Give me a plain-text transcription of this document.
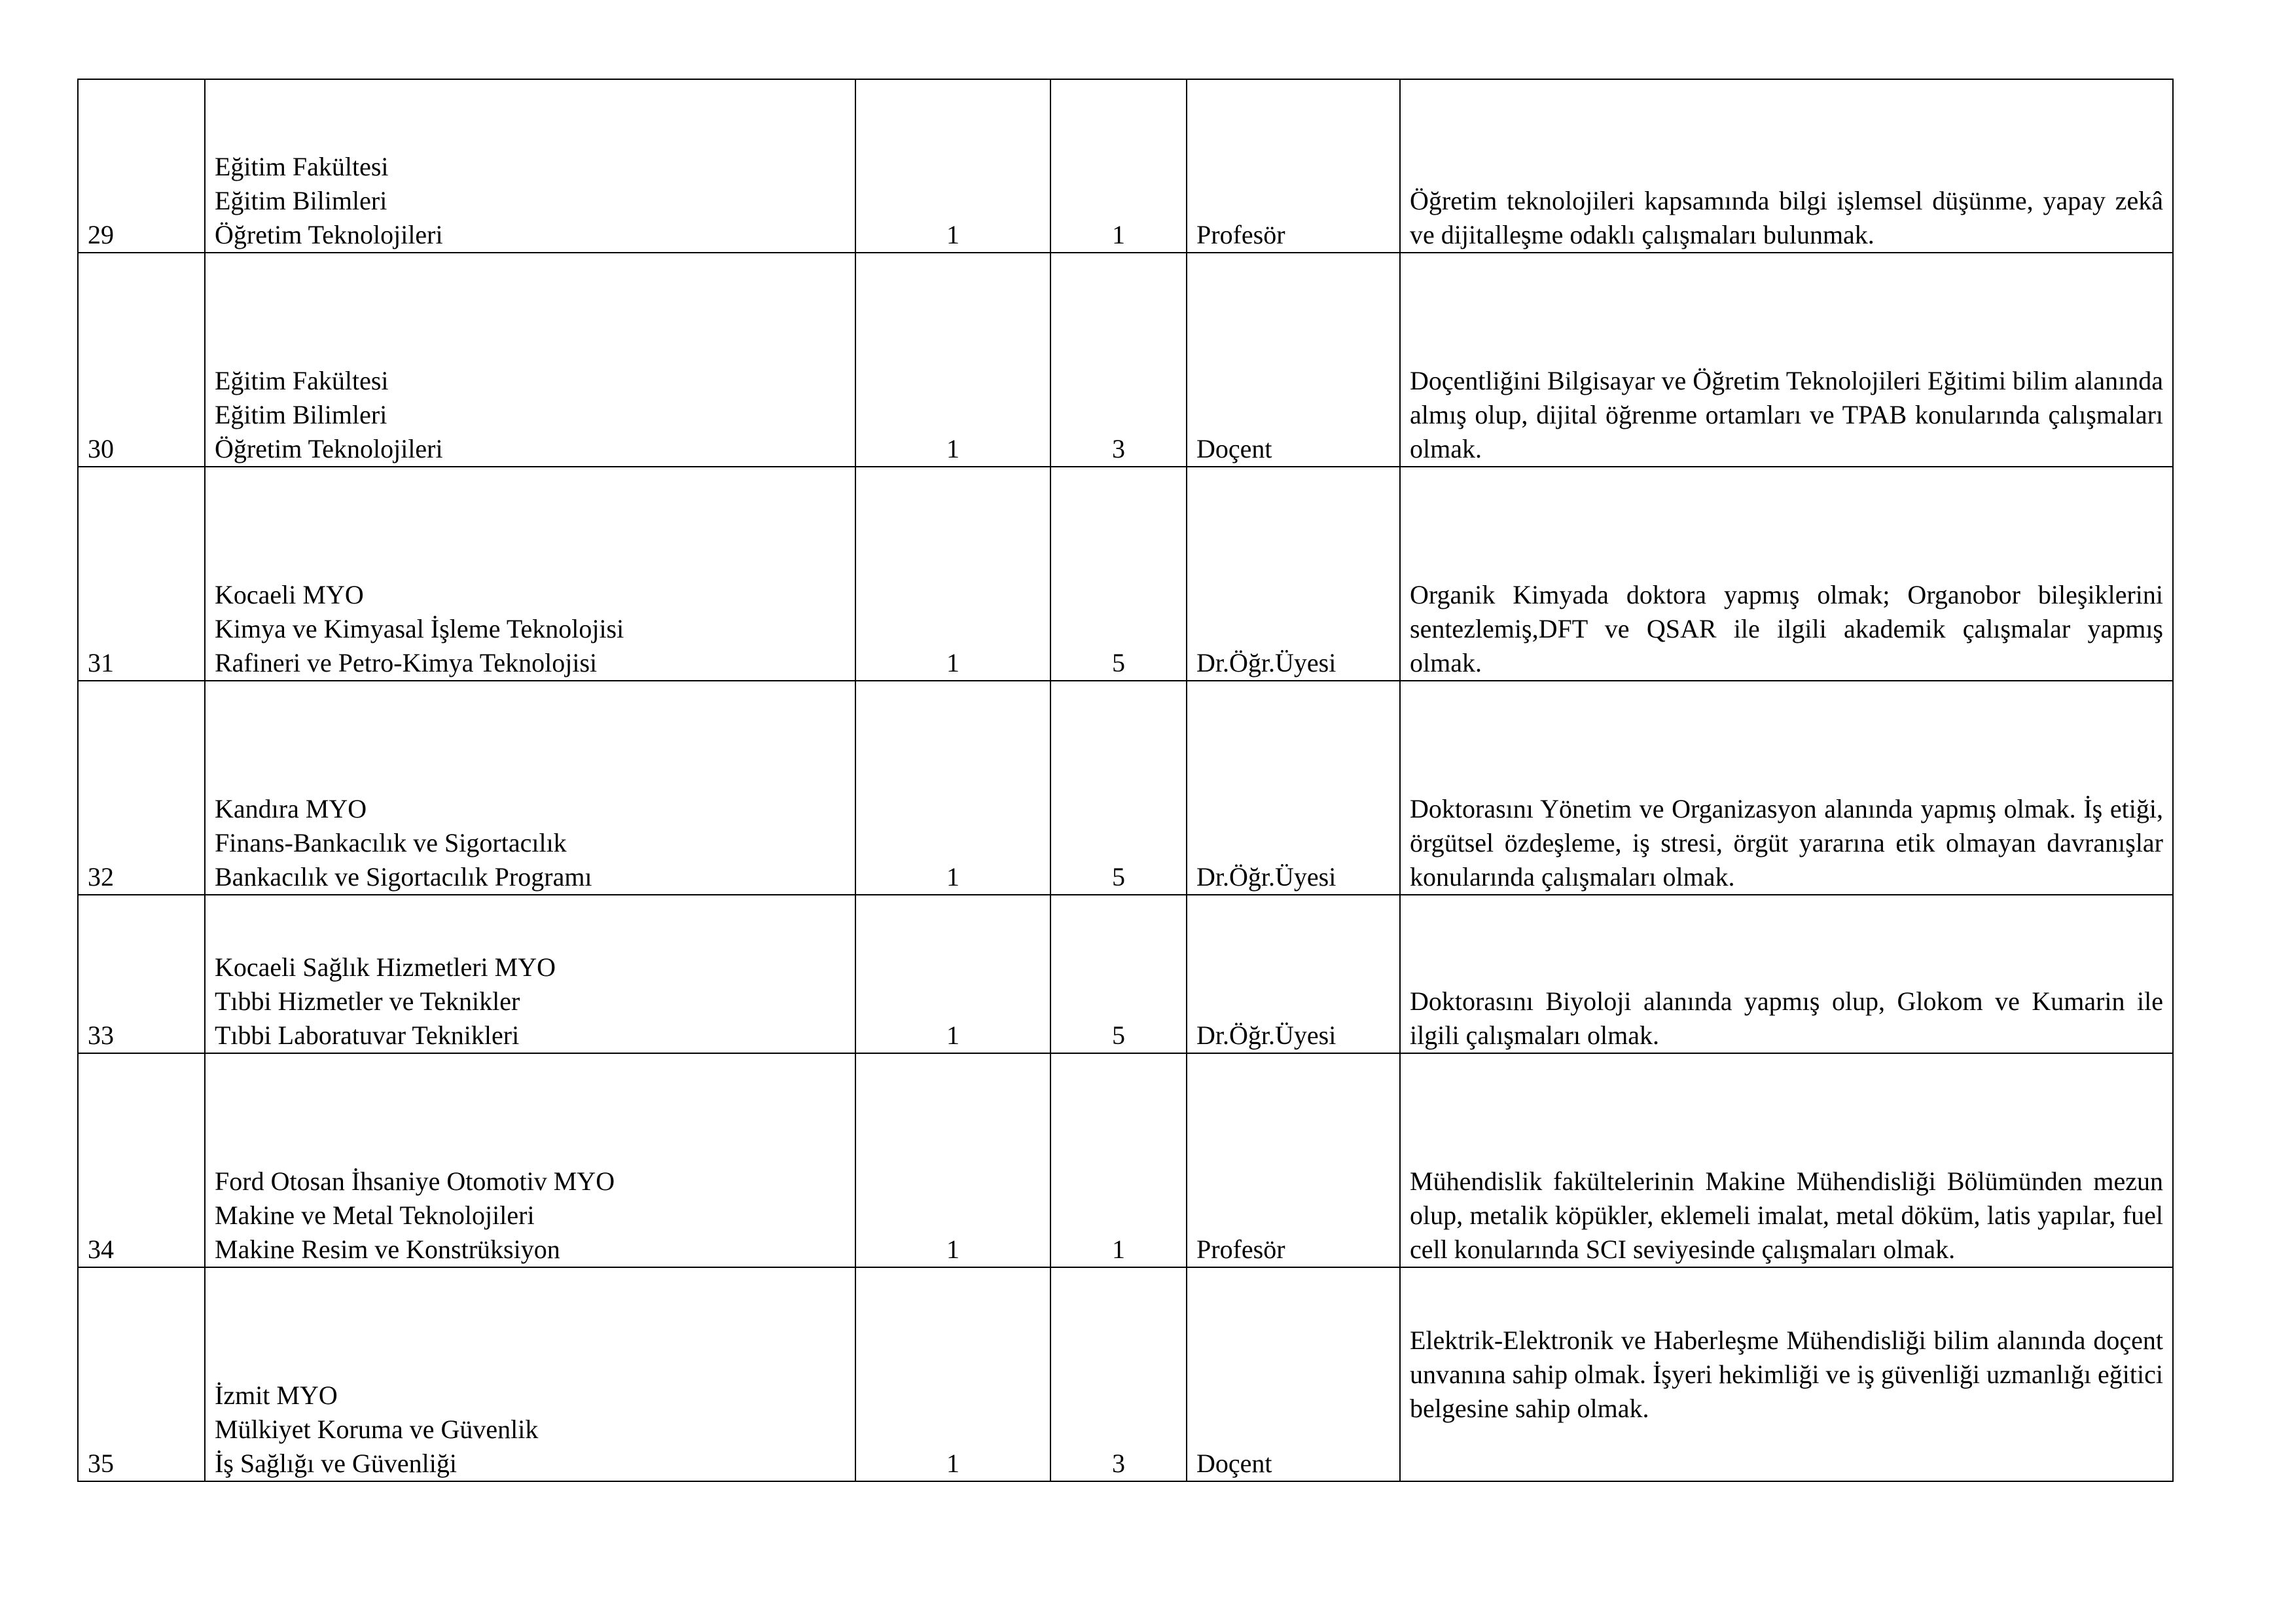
29	Eğitim Fakültesi
Eğitim Bilimleri
Öğretim Teknolojileri	1	1	Profesör	Öğretim teknolojileri kapsamında bilgi işlemsel düşünme, yapay zekâ ve dijitalleşme odaklı çalışmaları bulunmak.

30	Eğitim Fakültesi
Eğitim Bilimleri
Öğretim Teknolojileri	1	3	Doçent	Doçentliğini Bilgisayar ve Öğretim Teknolojileri Eğitimi bilim alanında almış olup, dijital öğrenme ortamları ve TPAB konularında çalışmaları olmak.

31	Kocaeli MYO
Kimya ve Kimyasal İşleme Teknolojisi
Rafineri ve Petro-Kimya Teknolojisi	1	5	Dr.Öğr.Üyesi	Organik Kimyada doktora yapmış olmak; Organobor bileşiklerini sentezlemiş,DFT ve QSAR ile ilgili akademik çalışmalar yapmış olmak.

32	Kandıra MYO
Finans-Bankacılık ve Sigortacılık
Bankacılık ve Sigortacılık Programı	1	5	Dr.Öğr.Üyesi	Doktorasını Yönetim ve Organizasyon alanında yapmış olmak. İş etiği, örgütsel özdeşleme, iş stresi, örgüt yararına etik olmayan davranışlar konularında çalışmaları olmak.

33	Kocaeli Sağlık Hizmetleri MYO
Tıbbi Hizmetler ve Teknikler
Tıbbi Laboratuvar Teknikleri	1	5	Dr.Öğr.Üyesi	Doktorasını Biyoloji alanında yapmış olup, Glokom ve Kumarin ile ilgili çalışmaları olmak.

34	Ford Otosan İhsaniye Otomotiv MYO
Makine ve Metal Teknolojileri
Makine Resim ve Konstrüksiyon	1	1	Profesör	Mühendislik fakültelerinin Makine Mühendisliği Bölümünden mezun olup, metalik köpükler, eklemeli imalat, metal döküm, latis yapılar, fuel cell konularında SCI seviyesinde çalışmaları olmak.

35	İzmit MYO
Mülkiyet Koruma ve Güvenlik
İş Sağlığı ve Güvenliği	1	3	Doçent	Elektrik-Elektronik ve Haberleşme Mühendisliği bilim alanında doçent unvanına sahip olmak. İşyeri hekimliği ve iş güvenliği uzmanlığı eğitici belgesine sahip olmak.
